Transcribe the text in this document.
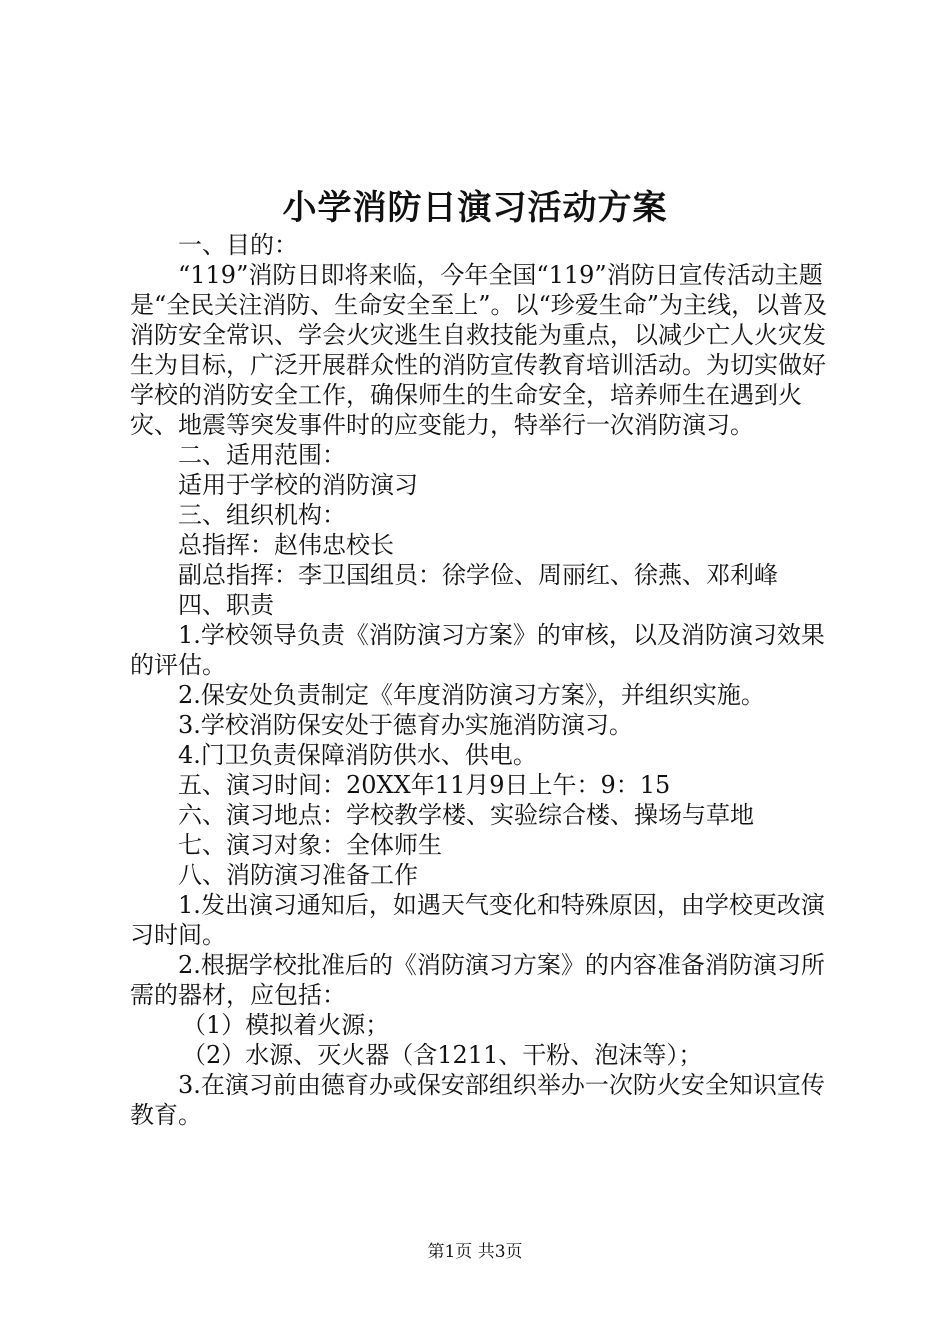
小学消防日演习活动方案

一、目的：

“119”消防日即将来临，今年全国“119”消防日宣传活动主题是“全民关注消防、生命安全至上”。以“珍爱生命”为主线，以普及消防安全常识、学会火灾逃生自救技能为重点，以减少亡人火灾发生为目标，广泛开展群众性的消防宣传教育培训活动。为切实做好学校的消防安全工作，确保师生的生命安全，培养师生在遇到火灾、地震等突发事件时的应变能力，特举行一次消防演习。

二、适用范围：

适用于学校的消防演习

三、组织机构：

总指挥：赵伟忠校长

副总指挥：李卫国组员：徐学俭、周丽红、徐燕、邓利峰

四、职责

1.学校领导负责《消防演习方案》的审核，以及消防演习效果的评估。

2.保安处负责制定《年度消防演习方案》，并组织实施。

3.学校消防保安处于德育办实施消防演习。

4.门卫负责保障消防供水、供电。

五、演习时间：20XX年11月9日上午：9：15

六、演习地点：学校教学楼、实验综合楼、操场与草地

七、演习对象：全体师生

八、消防演习准备工作

1.发出演习通知后，如遇天气变化和特殊原因，由学校更改演习时间。

2.根据学校批准后的《消防演习方案》的内容准备消防演习所需的器材，应包括：

（1）模拟着火源；

（2）水源、灭火器（含1211、干粉、泡沫等）；

3.在演习前由德育办或保安部组织举办一次防火安全知识宣传教育。

第1页 共3页
